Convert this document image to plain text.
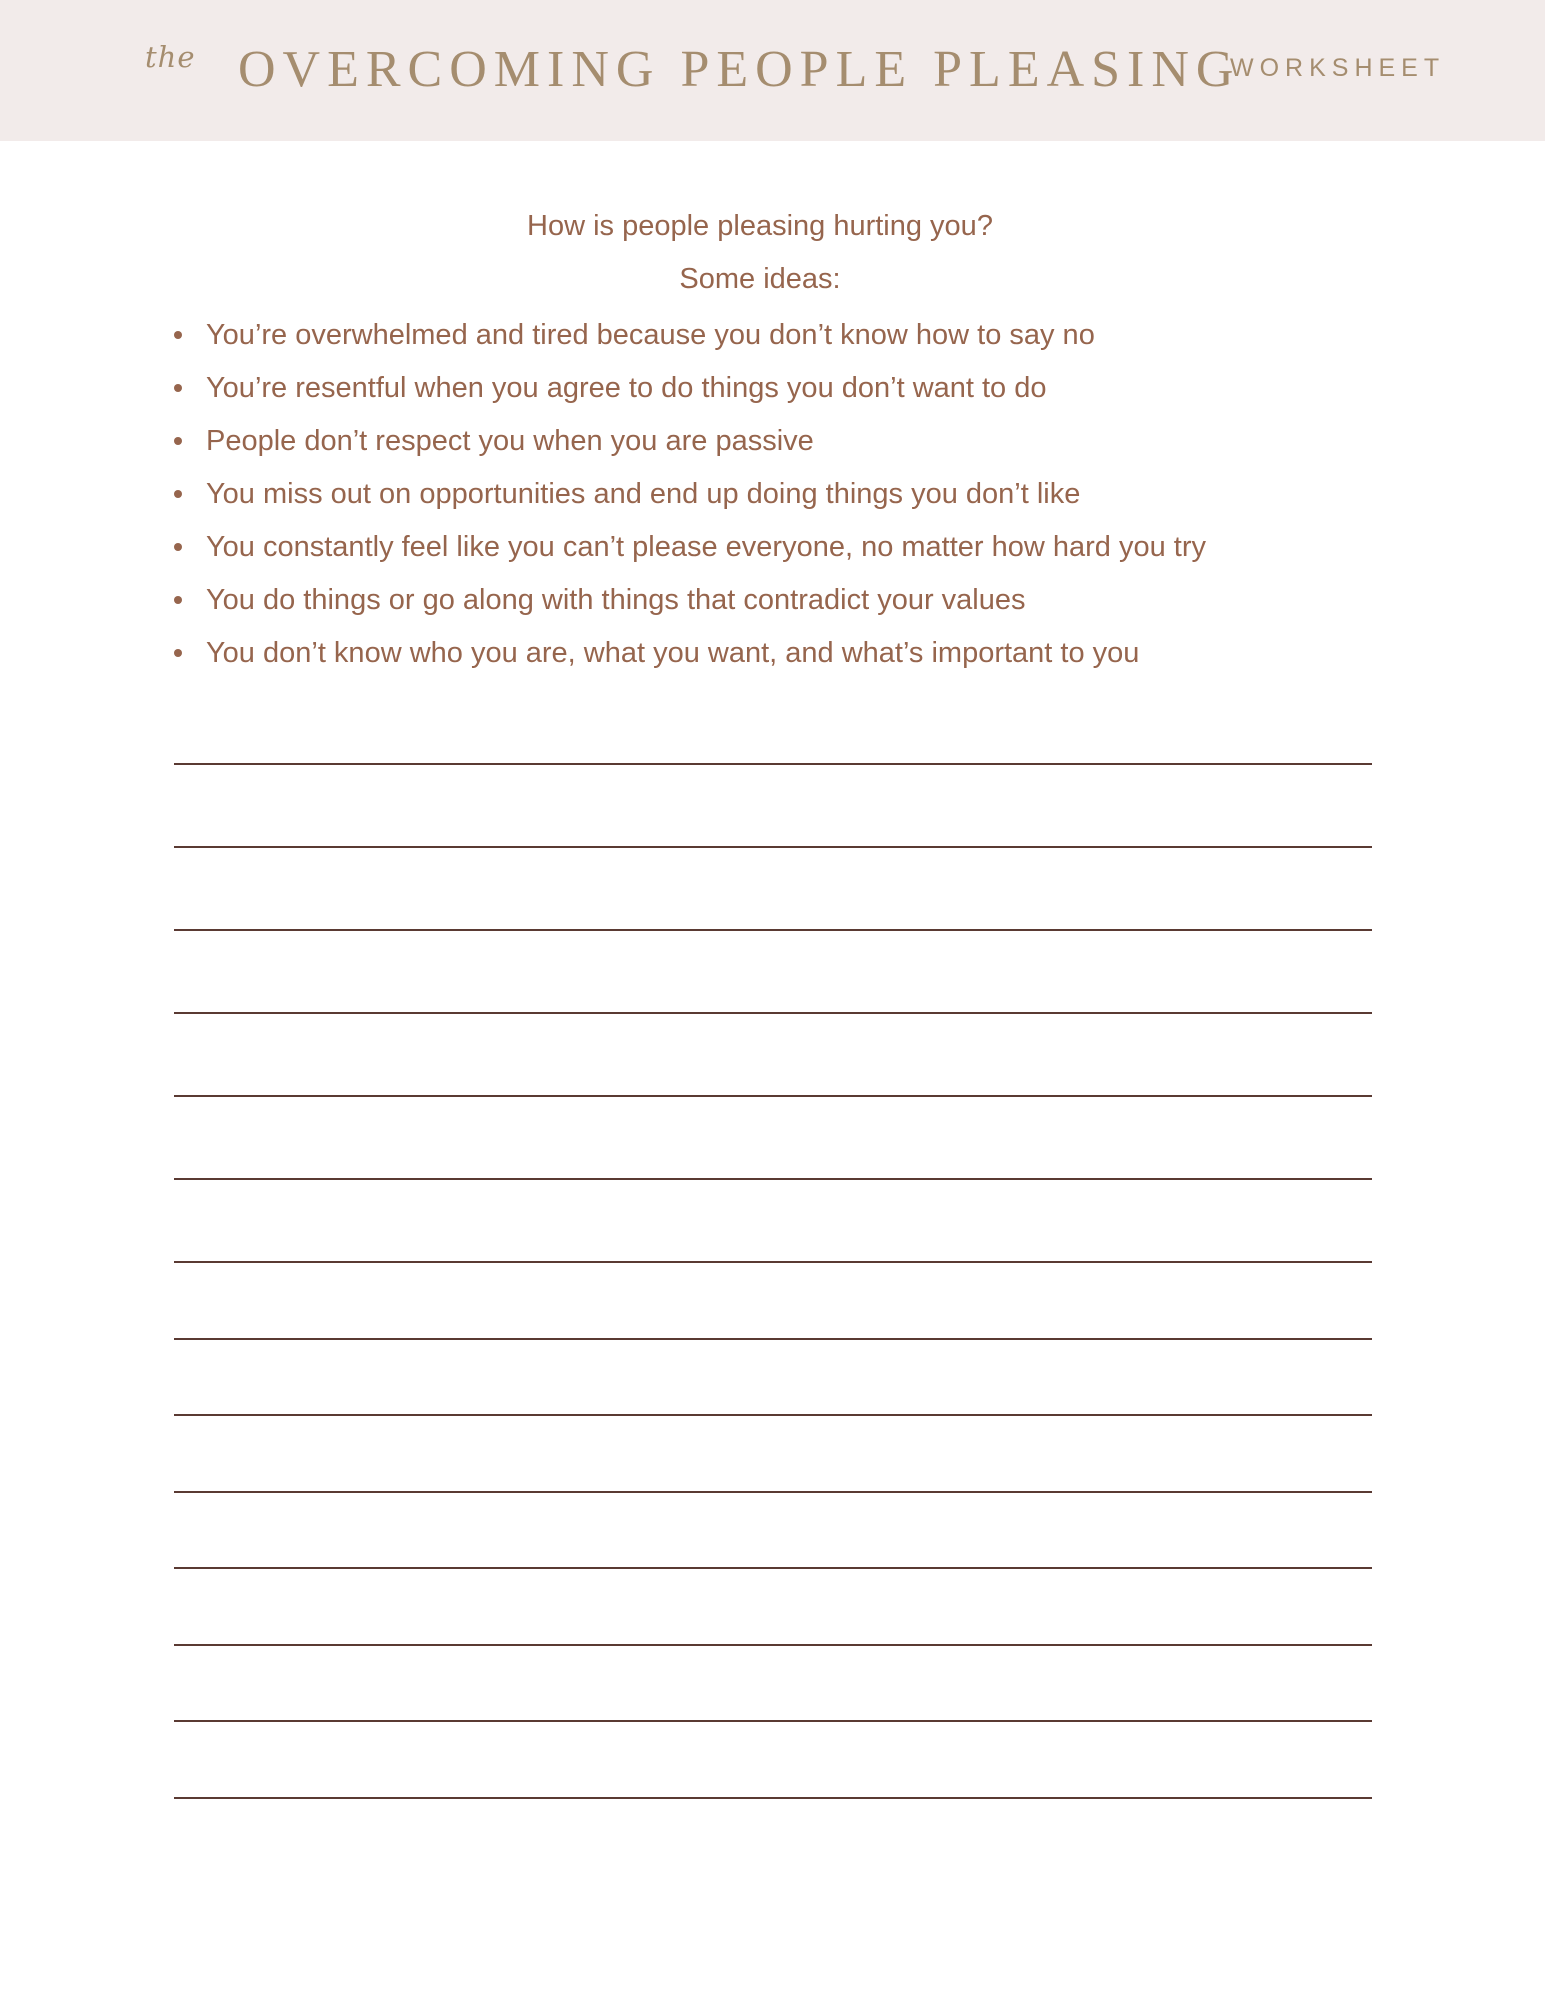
the OVERCOMING PEOPLE PLEASING
WORKSHEET
How is people pleasing hurting you?
Some ideas:
You’re overwhelmed and tired because you don’t know how to say no
You’re resentful when you agree to do things you don’t want to do
People don’t respect you when you are passive
You miss out on opportunities and end up doing things you don’t like
You constantly feel like you can’t please everyone, no matter how hard you try
You do things or go along with things that contradict your values
You don’t know who you are, what you want, and what’s important to you
